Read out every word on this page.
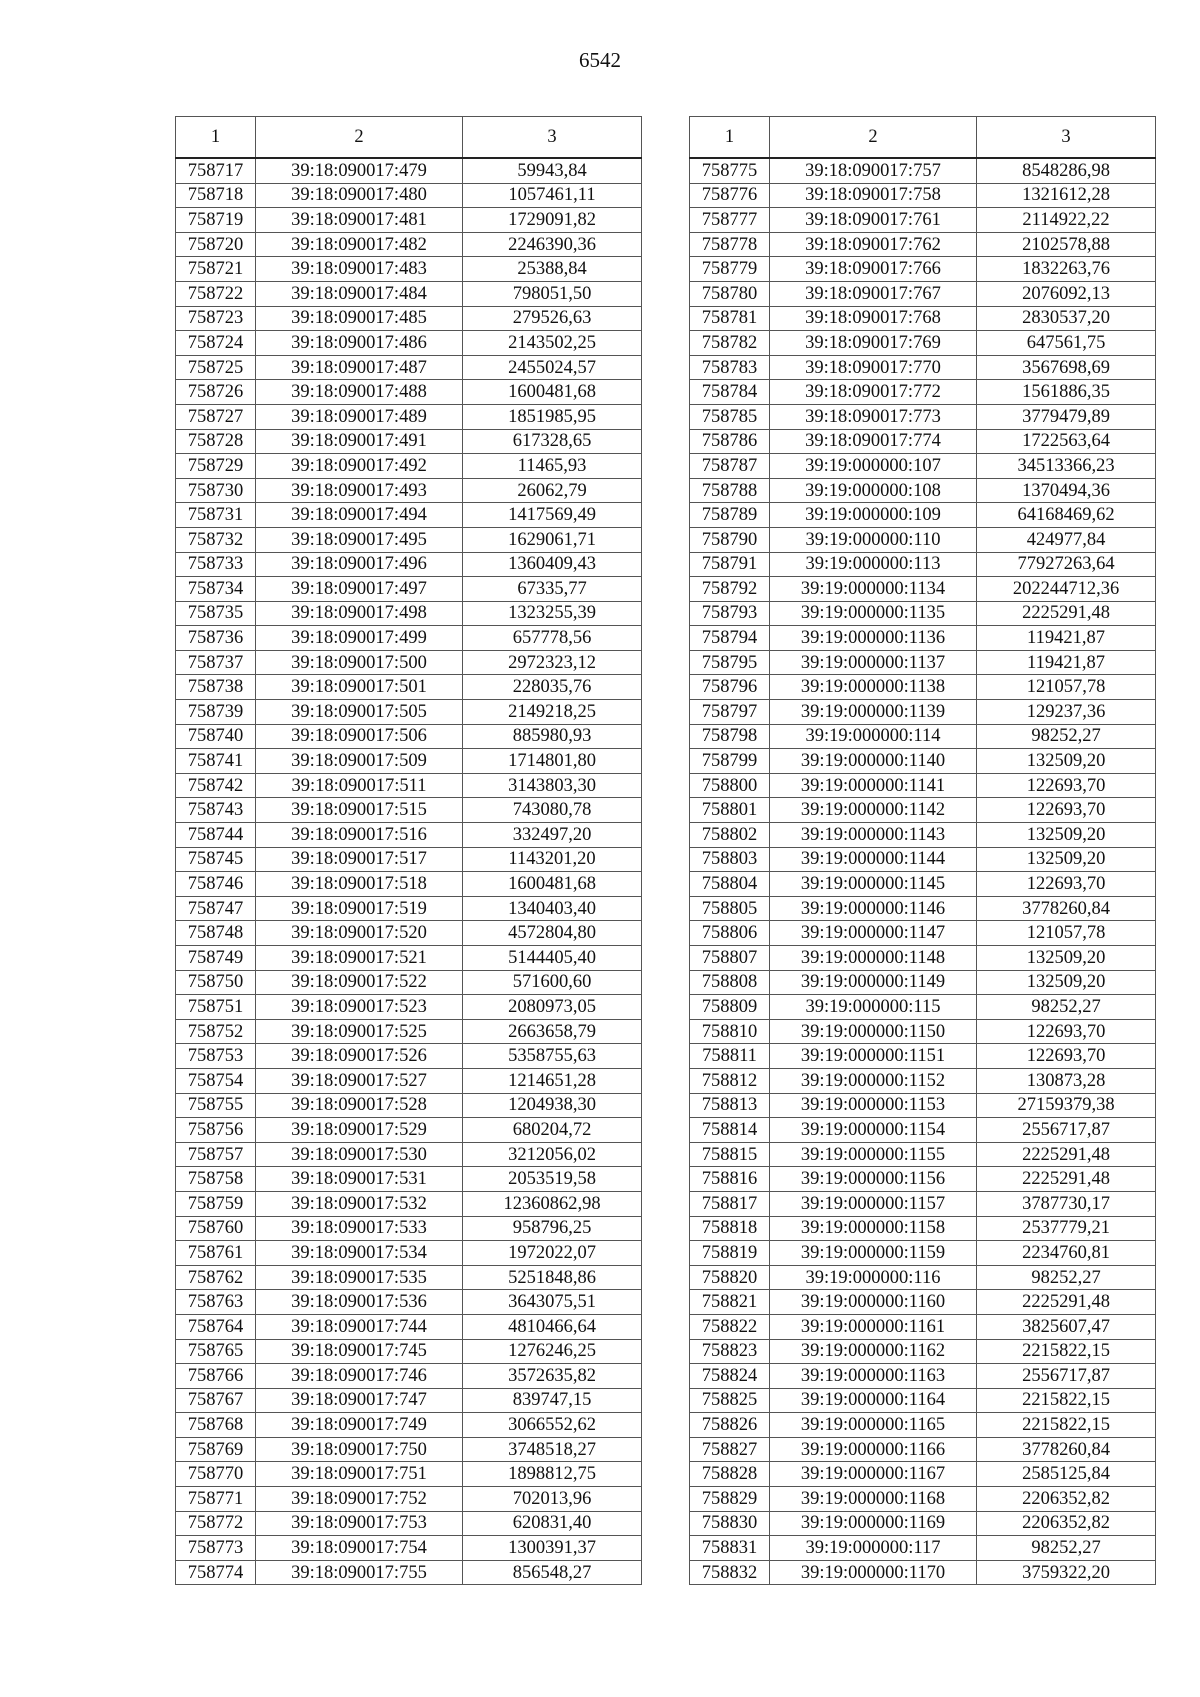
6542
1	2	3
758717	39:18:090017:479	59943,84
758718	39:18:090017:480	1057461,11
758719	39:18:090017:481	1729091,82
758720	39:18:090017:482	2246390,36
758721	39:18:090017:483	25388,84
758722	39:18:090017:484	798051,50
758723	39:18:090017:485	279526,63
758724	39:18:090017:486	2143502,25
758725	39:18:090017:487	2455024,57
758726	39:18:090017:488	1600481,68
758727	39:18:090017:489	1851985,95
758728	39:18:090017:491	617328,65
758729	39:18:090017:492	11465,93
758730	39:18:090017:493	26062,79
758731	39:18:090017:494	1417569,49
758732	39:18:090017:495	1629061,71
758733	39:18:090017:496	1360409,43
758734	39:18:090017:497	67335,77
758735	39:18:090017:498	1323255,39
758736	39:18:090017:499	657778,56
758737	39:18:090017:500	2972323,12
758738	39:18:090017:501	228035,76
758739	39:18:090017:505	2149218,25
758740	39:18:090017:506	885980,93
758741	39:18:090017:509	1714801,80
758742	39:18:090017:511	3143803,30
758743	39:18:090017:515	743080,78
758744	39:18:090017:516	332497,20
758745	39:18:090017:517	1143201,20
758746	39:18:090017:518	1600481,68
758747	39:18:090017:519	1340403,40
758748	39:18:090017:520	4572804,80
758749	39:18:090017:521	5144405,40
758750	39:18:090017:522	571600,60
758751	39:18:090017:523	2080973,05
758752	39:18:090017:525	2663658,79
758753	39:18:090017:526	5358755,63
758754	39:18:090017:527	1214651,28
758755	39:18:090017:528	1204938,30
758756	39:18:090017:529	680204,72
758757	39:18:090017:530	3212056,02
758758	39:18:090017:531	2053519,58
758759	39:18:090017:532	12360862,98
758760	39:18:090017:533	958796,25
758761	39:18:090017:534	1972022,07
758762	39:18:090017:535	5251848,86
758763	39:18:090017:536	3643075,51
758764	39:18:090017:744	4810466,64
758765	39:18:090017:745	1276246,25
758766	39:18:090017:746	3572635,82
758767	39:18:090017:747	839747,15
758768	39:18:090017:749	3066552,62
758769	39:18:090017:750	3748518,27
758770	39:18:090017:751	1898812,75
758771	39:18:090017:752	702013,96
758772	39:18:090017:753	620831,40
758773	39:18:090017:754	1300391,37
758774	39:18:090017:755	856548,27
1	2	3
758775	39:18:090017:757	8548286,98
758776	39:18:090017:758	1321612,28
758777	39:18:090017:761	2114922,22
758778	39:18:090017:762	2102578,88
758779	39:18:090017:766	1832263,76
758780	39:18:090017:767	2076092,13
758781	39:18:090017:768	2830537,20
758782	39:18:090017:769	647561,75
758783	39:18:090017:770	3567698,69
758784	39:18:090017:772	1561886,35
758785	39:18:090017:773	3779479,89
758786	39:18:090017:774	1722563,64
758787	39:19:000000:107	34513366,23
758788	39:19:000000:108	1370494,36
758789	39:19:000000:109	64168469,62
758790	39:19:000000:110	424977,84
758791	39:19:000000:113	77927263,64
758792	39:19:000000:1134	202244712,36
758793	39:19:000000:1135	2225291,48
758794	39:19:000000:1136	119421,87
758795	39:19:000000:1137	119421,87
758796	39:19:000000:1138	121057,78
758797	39:19:000000:1139	129237,36
758798	39:19:000000:114	98252,27
758799	39:19:000000:1140	132509,20
758800	39:19:000000:1141	122693,70
758801	39:19:000000:1142	122693,70
758802	39:19:000000:1143	132509,20
758803	39:19:000000:1144	132509,20
758804	39:19:000000:1145	122693,70
758805	39:19:000000:1146	3778260,84
758806	39:19:000000:1147	121057,78
758807	39:19:000000:1148	132509,20
758808	39:19:000000:1149	132509,20
758809	39:19:000000:115	98252,27
758810	39:19:000000:1150	122693,70
758811	39:19:000000:1151	122693,70
758812	39:19:000000:1152	130873,28
758813	39:19:000000:1153	27159379,38
758814	39:19:000000:1154	2556717,87
758815	39:19:000000:1155	2225291,48
758816	39:19:000000:1156	2225291,48
758817	39:19:000000:1157	3787730,17
758818	39:19:000000:1158	2537779,21
758819	39:19:000000:1159	2234760,81
758820	39:19:000000:116	98252,27
758821	39:19:000000:1160	2225291,48
758822	39:19:000000:1161	3825607,47
758823	39:19:000000:1162	2215822,15
758824	39:19:000000:1163	2556717,87
758825	39:19:000000:1164	2215822,15
758826	39:19:000000:1165	2215822,15
758827	39:19:000000:1166	3778260,84
758828	39:19:000000:1167	2585125,84
758829	39:19:000000:1168	2206352,82
758830	39:19:000000:1169	2206352,82
758831	39:19:000000:117	98252,27
758832	39:19:000000:1170	3759322,20
